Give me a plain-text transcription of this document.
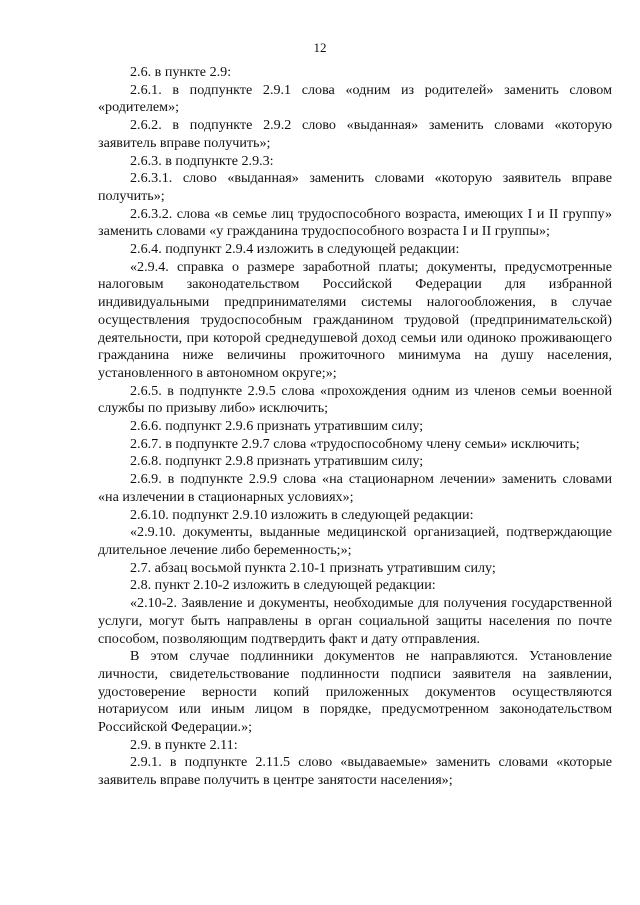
12

2.6. в пункте 2.9:

2.6.1. в подпункте 2.9.1 слова «одним из родителей» заменить словом «родителем»;

2.6.2. в подпункте 2.9.2 слово «выданная» заменить словами «которую заявитель вправе получить»;

2.6.3. в подпункте 2.9.3:

2.6.3.1. слово «выданная» заменить словами «которую заявитель вправе получить»;

2.6.3.2. слова «в семье лиц трудоспособного возраста, имеющих I и II группу» заменить словами «у гражданина трудоспособного возраста I и II группы»;

2.6.4. подпункт 2.9.4 изложить в следующей редакции:

«2.9.4. справка о размере заработной платы; документы, предусмотренные налоговым законодательством Российской Федерации для избранной индивидуальными предпринимателями системы налогообложения, в случае осуществления трудоспособным гражданином трудовой (предпринимательской) деятельности, при которой среднедушевой доход семьи или одиноко проживающего гражданина ниже величины прожиточного минимума на душу населения, установленного в автономном округе;»;

2.6.5. в подпункте 2.9.5 слова «прохождения одним из членов семьи военной службы по призыву либо» исключить;

2.6.6. подпункт 2.9.6 признать утратившим силу;

2.6.7. в подпункте 2.9.7 слова «трудоспособному члену семьи» исключить;

2.6.8. подпункт 2.9.8 признать утратившим силу;

2.6.9. в подпункте 2.9.9 слова «на стационарном лечении» заменить словами «на излечении в стационарных условиях»;

2.6.10. подпункт 2.9.10 изложить в следующей редакции:

«2.9.10. документы, выданные медицинской организацией, подтверждающие длительное лечение либо беременность;»;

2.7. абзац восьмой пункта 2.10-1 признать утратившим силу;

2.8. пункт 2.10-2 изложить в следующей редакции:

«2.10-2. Заявление и документы, необходимые для получения государственной услуги, могут быть направлены в орган социальной защиты населения по почте способом, позволяющим подтвердить факт и дату отправления.

В этом случае подлинники документов не направляются. Установление личности, свидетельствование подлинности подписи заявителя на заявлении, удостоверение верности копий приложенных документов осуществляются нотариусом или иным лицом в порядке, предусмотренном законодательством Российской Федерации.»;

2.9. в пункте 2.11:

2.9.1. в подпункте 2.11.5 слово «выдаваемые» заменить словами «которые заявитель вправе получить в центре занятости населения»;
